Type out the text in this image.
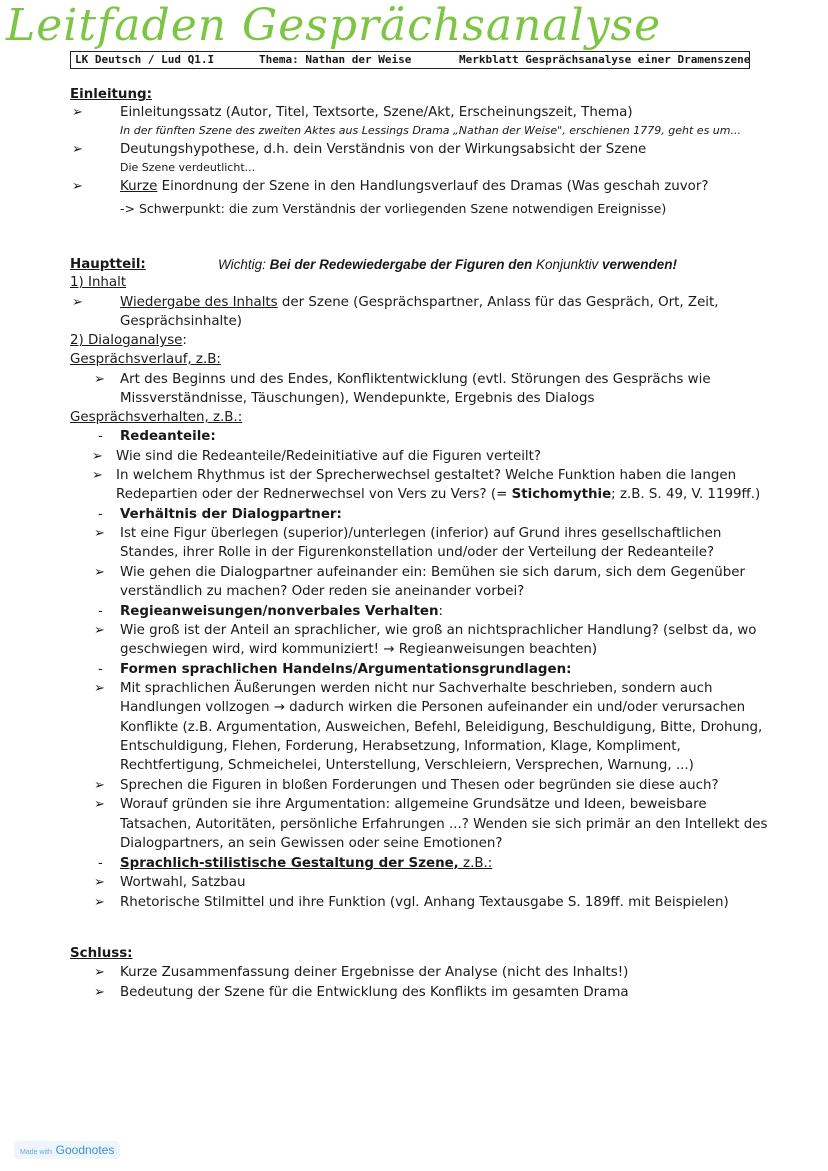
Leitfaden Gesprächsanalyse
LK Deutsch / Lud Q1.I	Thema: Nathan der Weise	Merkblatt Gesprächsanalyse einer Dramenszene
Einleitung:
➢	Einleitungssatz (Autor, Titel, Textsorte, Szene/Akt, Erscheinungszeit, Thema)
In der fünften Szene des zweiten Aktes aus Lessings Drama „Nathan der Weise", erschienen 1779, geht es um...
➢	Deutungshypothese, d.h. dein Verständnis von der Wirkungsabsicht der Szene
Die Szene verdeutlicht...
➢	Kurze Einordnung der Szene in den Handlungsverlauf des Dramas (Was geschah zuvor?
-> Schwerpunkt: die zum Verständnis der vorliegenden Szene notwendigen Ereignisse)
Hauptteil:	Wichtig: Bei der Redewiedergabe der Figuren den Konjunktiv verwenden!
1) Inhalt
➢	Wiedergabe des Inhalts der Szene (Gesprächspartner, Anlass für das Gespräch, Ort, Zeit,
Gesprächsinhalte)
2) Dialoganalyse:
Gesprächsverlauf, z.B:
➢ Art des Beginns und des Endes, Konfliktentwicklung (evtl. Störungen des Gesprächs wie
Missverständnisse, Täuschungen), Wendepunkte, Ergebnis des Dialogs
Gesprächsverhalten, z.B.:
- Redeanteile:
➢ Wie sind die Redeanteile/Redeinitiative auf die Figuren verteilt?
➢ In welchem Rhythmus ist der Sprecherwechsel gestaltet? Welche Funktion haben die langen
Redepartien oder der Rednerwechsel von Vers zu Vers? (= Stichomythie; z.B. S. 49, V. 1199ff.)
- Verhältnis der Dialogpartner:
➢ Ist eine Figur überlegen (superior)/unterlegen (inferior) auf Grund ihres gesellschaftlichen
Standes, ihrer Rolle in der Figurenkonstellation und/oder der Verteilung der Redeanteile?
➢ Wie gehen die Dialogpartner aufeinander ein: Bemühen sie sich darum, sich dem Gegenüber
verständlich zu machen? Oder reden sie aneinander vorbei?
- Regieanweisungen/nonverbales Verhalten:
➢ Wie groß ist der Anteil an sprachlicher, wie groß an nichtsprachlicher Handlung? (selbst da, wo
geschwiegen wird, wird kommuniziert! → Regieanweisungen beachten)
- Formen sprachlichen Handelns/Argumentationsgrundlagen:
➢ Mit sprachlichen Äußerungen werden nicht nur Sachverhalte beschrieben, sondern auch
Handlungen vollzogen → dadurch wirken die Personen aufeinander ein und/oder verursachen
Konflikte (z.B. Argumentation, Ausweichen, Befehl, Beleidigung, Beschuldigung, Bitte, Drohung,
Entschuldigung, Flehen, Forderung, Herabsetzung, Information, Klage, Kompliment,
Rechtfertigung, Schmeichelei, Unterstellung, Verschleiern, Versprechen, Warnung, ...)
➢ Sprechen die Figuren in bloßen Forderungen und Thesen oder begründen sie diese auch?
➢ Worauf gründen sie ihre Argumentation: allgemeine Grundsätze und Ideen, beweisbare
Tatsachen, Autoritäten, persönliche Erfahrungen ...? Wenden sie sich primär an den Intellekt des
Dialogpartners, an sein Gewissen oder seine Emotionen?
- Sprachlich-stilistische Gestaltung der Szene, z.B.:
➢ Wortwahl, Satzbau
➢ Rhetorische Stilmittel und ihre Funktion (vgl. Anhang Textausgabe S. 189ff. mit Beispielen)
Schluss:
➢ Kurze Zusammenfassung deiner Ergebnisse der Analyse (nicht des Inhalts!)
➢ Bedeutung der Szene für die Entwicklung des Konflikts im gesamten Drama
Made with Goodnotes
